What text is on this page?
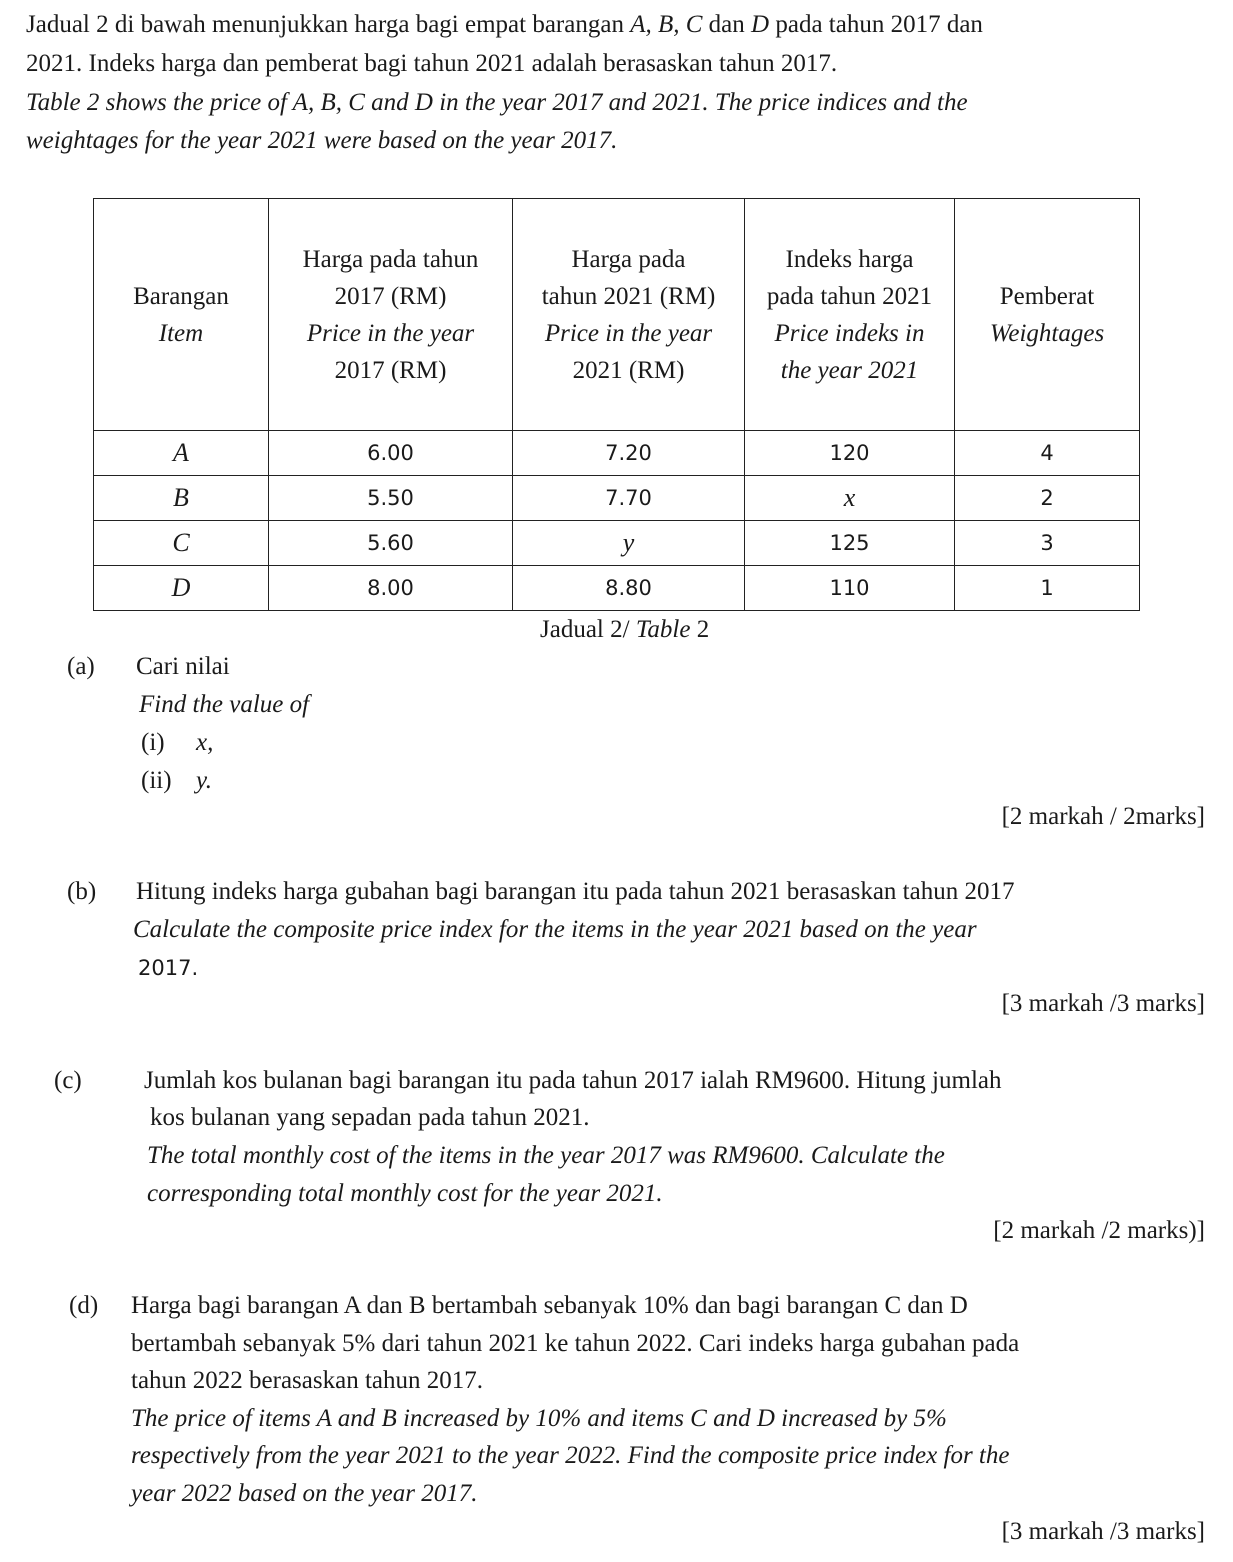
Jadual 2 di bawah menunjukkan harga bagi empat barangan A, B, C dan D pada tahun 2017 dan
2021. Indeks harga dan pemberat bagi tahun 2021 adalah berasaskan tahun 2017.
Table 2 shows the price of A, B, C and D in the year 2017 and 2021. The price indices and the
weightages for the year 2021 were based on the year 2017.
Barangan
Item	Harga pada tahun
2017 (RM)
Price in the year
2017 (RM)	Harga pada
tahun 2021 (RM)
Price in the year
2021 (RM)	Indeks harga
pada tahun 2021
Price indeks in
the year 2021	Pemberat
Weightages

A	6.00	7.20	120	4
B	5.50	7.70	x	2
C	5.60	y	125	3
D	8.00	8.80	110	1
Jadual 2/ Table 2
(a) Cari nilai
Find the value of
(i) x,
(ii) y.
[2 markah / 2marks]
(b) Hitung indeks harga gubahan bagi barangan itu pada tahun 2021 berasaskan tahun 2017
Calculate the composite price index for the items in the year 2021 based on the year
2017.
[3 markah /3 marks]
(c) Jumlah kos bulanan bagi barangan itu pada tahun 2017 ialah RM9600. Hitung jumlah
kos bulanan yang sepadan pada tahun 2021.
The total monthly cost of the items in the year 2017 was RM9600. Calculate the
corresponding total monthly cost for the year 2021.
[2 markah /2 marks)]
(d) Harga bagi barangan A dan B bertambah sebanyak 10% dan bagi barangan C dan D
bertambah sebanyak 5% dari tahun 2021 ke tahun 2022. Cari indeks harga gubahan pada
tahun 2022 berasaskan tahun 2017.
The price of items A and B increased by 10% and items C and D increased by 5%
respectively from the year 2021 to the year 2022. Find the composite price index for the
year 2022 based on the year 2017.
[3 markah /3 marks]
